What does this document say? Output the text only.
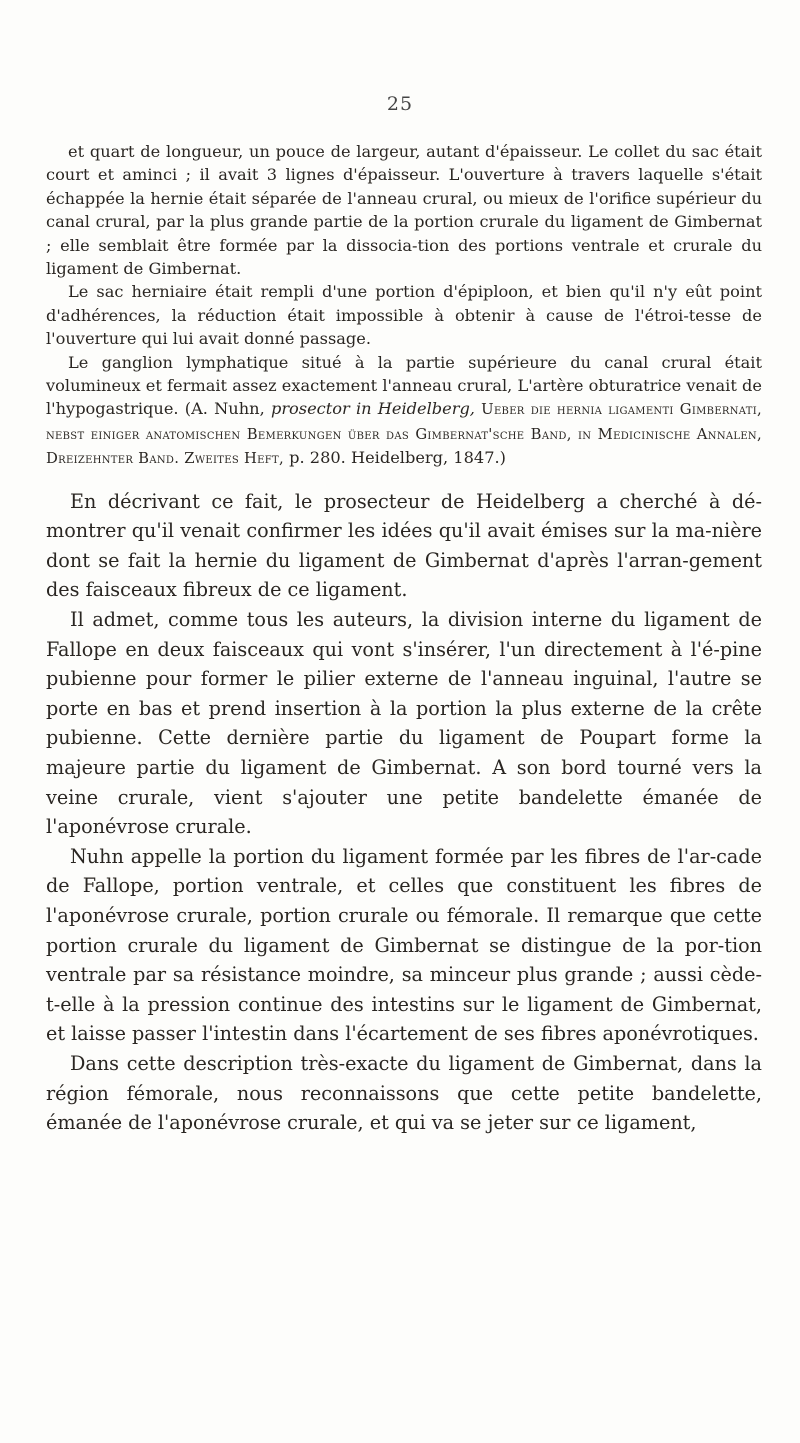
25

et quart de longueur, un pouce de largeur, autant d'épaisseur. Le collet du sac était court et aminci ; il avait 3 lignes d'épaisseur. L'ouverture à travers laquelle s'était échappée la hernie était séparée de l'anneau crural, ou mieux de l'orifice supérieur du canal crural, par la plus grande partie de la portion crurale du ligament de Gimbernat ; elle semblait être formée par la dissocia-tion des portions ventrale et crurale du ligament de Gimbernat.

Le sac herniaire était rempli d'une portion d'épiploon, et bien qu'il n'y eût point d'adhérences, la réduction était impossible à obtenir à cause de l'étroi-tesse de l'ouverture qui lui avait donné passage.

Le ganglion lymphatique situé à la partie supérieure du canal crural était volumineux et fermait assez exactement l'anneau crural, L'artère obturatrice venait de l'hypogastrique. (A. Nuhn, prosector in Heidelberg, Ueber die hernia ligamenti Gimbernati, nebst einiger anatomischen Bemerkungen über das Gimbernat'sche Band, in Medicinische Annalen, Dreizehnter Band. Zweites Heft, p. 280. Heidelberg, 1847.)

En décrivant ce fait, le prosecteur de Heidelberg a cherché à dé-montrer qu'il venait confirmer les idées qu'il avait émises sur la ma-nière dont se fait la hernie du ligament de Gimbernat d'après l'arran-gement des faisceaux fibreux de ce ligament.

Il admet, comme tous les auteurs, la division interne du ligament de Fallope en deux faisceaux qui vont s'insérer, l'un directement à l'é-pine pubienne pour former le pilier externe de l'anneau inguinal, l'autre se porte en bas et prend insertion à la portion la plus externe de la crête pubienne. Cette dernière partie du ligament de Poupart forme la majeure partie du ligament de Gimbernat. A son bord tourné vers la veine crurale, vient s'ajouter une petite bandelette émanée de l'aponévrose crurale.

Nuhn appelle la portion du ligament formée par les fibres de l'ar-cade de Fallope, portion ventrale, et celles que constituent les fibres de l'aponévrose crurale, portion crurale ou fémorale. Il remarque que cette portion crurale du ligament de Gimbernat se distingue de la por-tion ventrale par sa résistance moindre, sa minceur plus grande ; aussi cède-t-elle à la pression continue des intestins sur le ligament de Gimbernat, et laisse passer l'intestin dans l'écartement de ses fibres aponévrotiques.

Dans cette description très-exacte du ligament de Gimbernat, dans la région fémorale, nous reconnaissons que cette petite bandelette, émanée de l'aponévrose crurale, et qui va se jeter sur ce ligament,
